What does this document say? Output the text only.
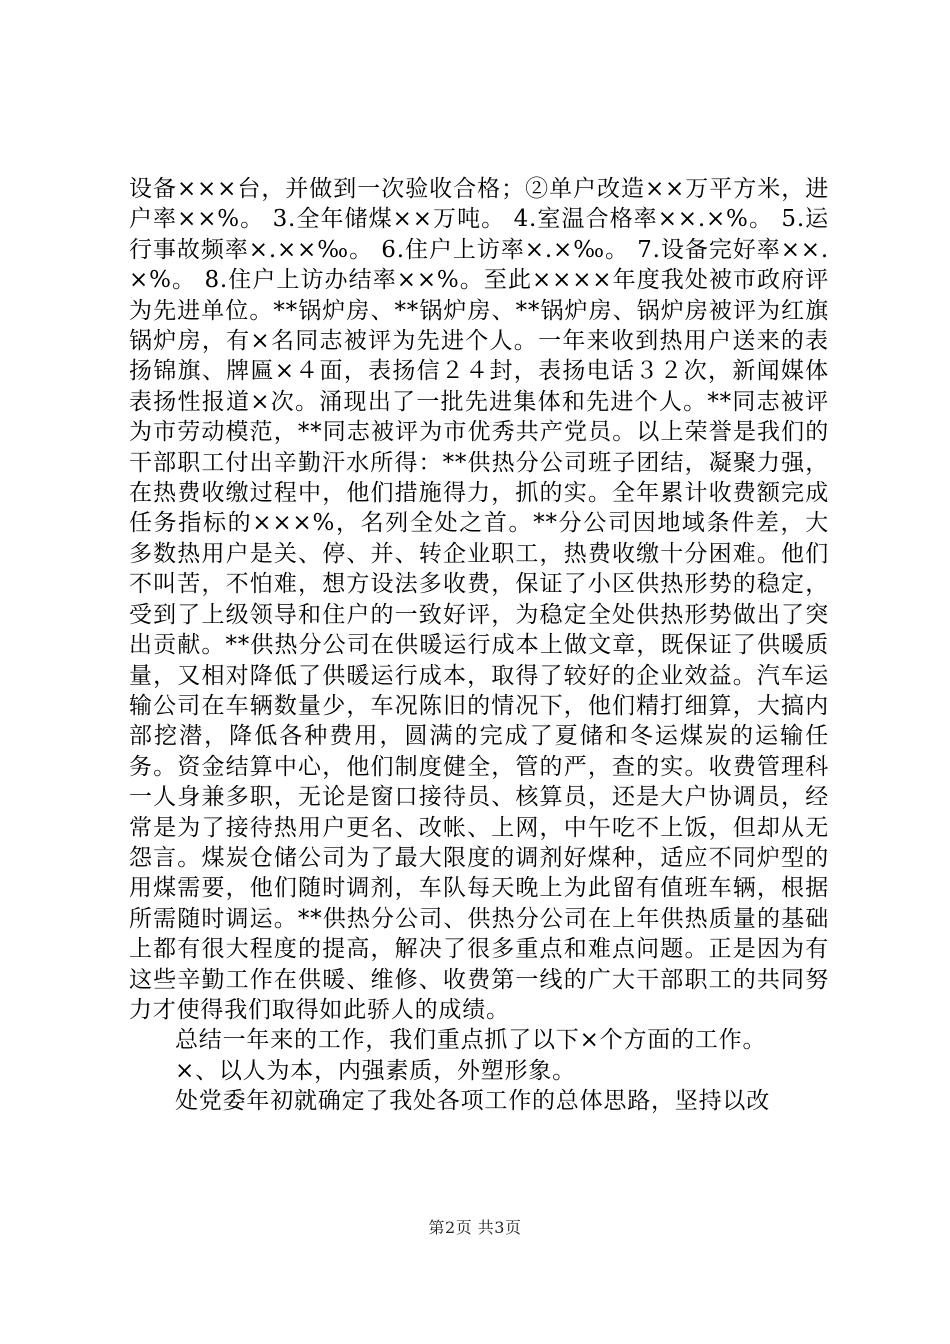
设备×××台，并做到一次验收合格；②单户改造××万平方米，进户率××%。 3.全年储煤××万吨。 4.室温合格率××.×%。 5.运行事故频率×.××‰。 6.住户上访率×.×‰。 7.设备完好率××.×%。 8.住户上访办结率××%。至此××××年度我处被市政府评为先进单位。**锅炉房、**锅炉房、**锅炉房、锅炉房被评为红旗锅炉房，有×名同志被评为先进个人。一年来收到热用户送来的表扬锦旗、牌匾×４面，表扬信２４封，表扬电话３２次，新闻媒体表扬性报道×次。涌现出了一批先进集体和先进个人。**同志被评为市劳动模范，**同志被评为市优秀共产党员。以上荣誉是我们的干部职工付出辛勤汗水所得：**供热分公司班子团结，凝聚力强，在热费收缴过程中，他们措施得力，抓的实。全年累计收费额完成任务指标的×××%，名列全处之首。**分公司因地域条件差，大多数热用户是关、停、并、转企业职工，热费收缴十分困难。他们不叫苦，不怕难，想方设法多收费，保证了小区供热形势的稳定，受到了上级领导和住户的一致好评，为稳定全处供热形势做出了突出贡献。**供热分公司在供暖运行成本上做文章，既保证了供暖质量，又相对降低了供暖运行成本，取得了较好的企业效益。汽车运输公司在车辆数量少，车况陈旧的情况下，他们精打细算，大搞内部挖潜，降低各种费用，圆满的完成了夏储和冬运煤炭的运输任务。资金结算中心，他们制度健全，管的严，查的实。收费管理科一人身兼多职，无论是窗口接待员、核算员，还是大户协调员，经常是为了接待热用户更名、改帐、上网，中午吃不上饭，但却从无怨言。煤炭仓储公司为了最大限度的调剂好煤种，适应不同炉型的用煤需要，他们随时调剂，车队每天晚上为此留有值班车辆，根据所需随时调运。**供热分公司、供热分公司在上年供热质量的基础上都有很大程度的提高，解决了很多重点和难点问题。正是因为有这些辛勤工作在供暖、维修、收费第一线的广大干部职工的共同努力才使得我们取得如此骄人的成绩。

总结一年来的工作，我们重点抓了以下×个方面的工作。

×、以人为本，内强素质，外塑形象。

处党委年初就确定了我处各项工作的总体思路，坚持以改

第2页 共3页
